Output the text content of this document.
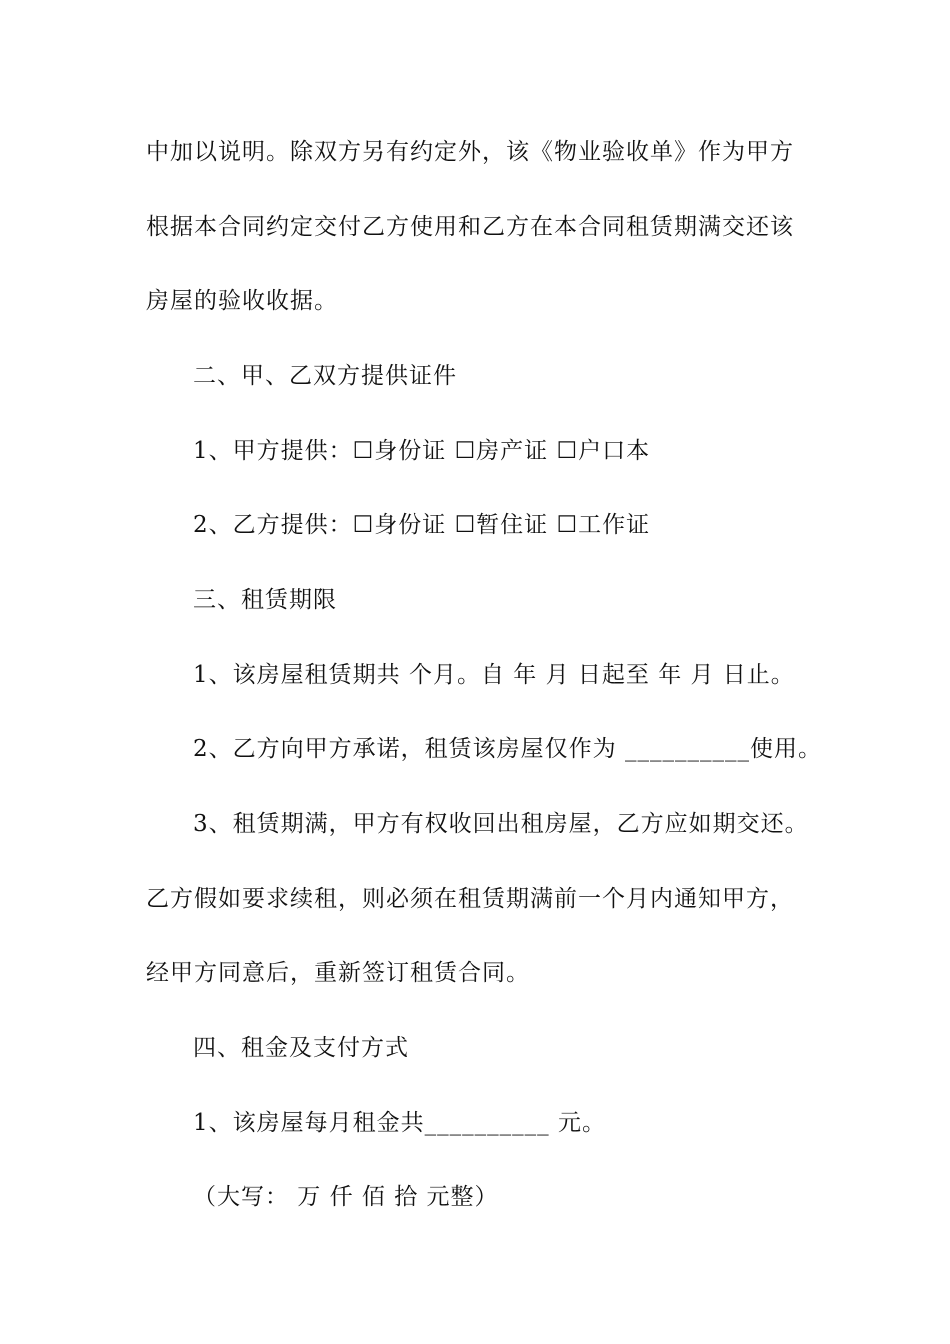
中加以说明。除双方另有约定外，该《物业验收单》作为甲方
根据本合同约定交付乙方使用和乙方在本合同租赁期满交还该
房屋的验收收据。
二、甲、乙双方提供证件
1、甲方提供：☐身份证 ☐房产证 ☐户口本
2、乙方提供：☐身份证 ☐暂住证 ☐工作证
三、租赁期限
1、该房屋租赁期共 个月。自 年 月 日起至 年 月 日止。
2、乙方向甲方承诺，租赁该房屋仅作为 __________使用。
3、租赁期满，甲方有权收回出租房屋，乙方应如期交还。
乙方假如要求续租，则必须在租赁期满前一个月内通知甲方，
经甲方同意后，重新签订租赁合同。
四、租金及支付方式
1、该房屋每月租金共__________ 元。
（大写： 万 仟 佰 拾 元整）
